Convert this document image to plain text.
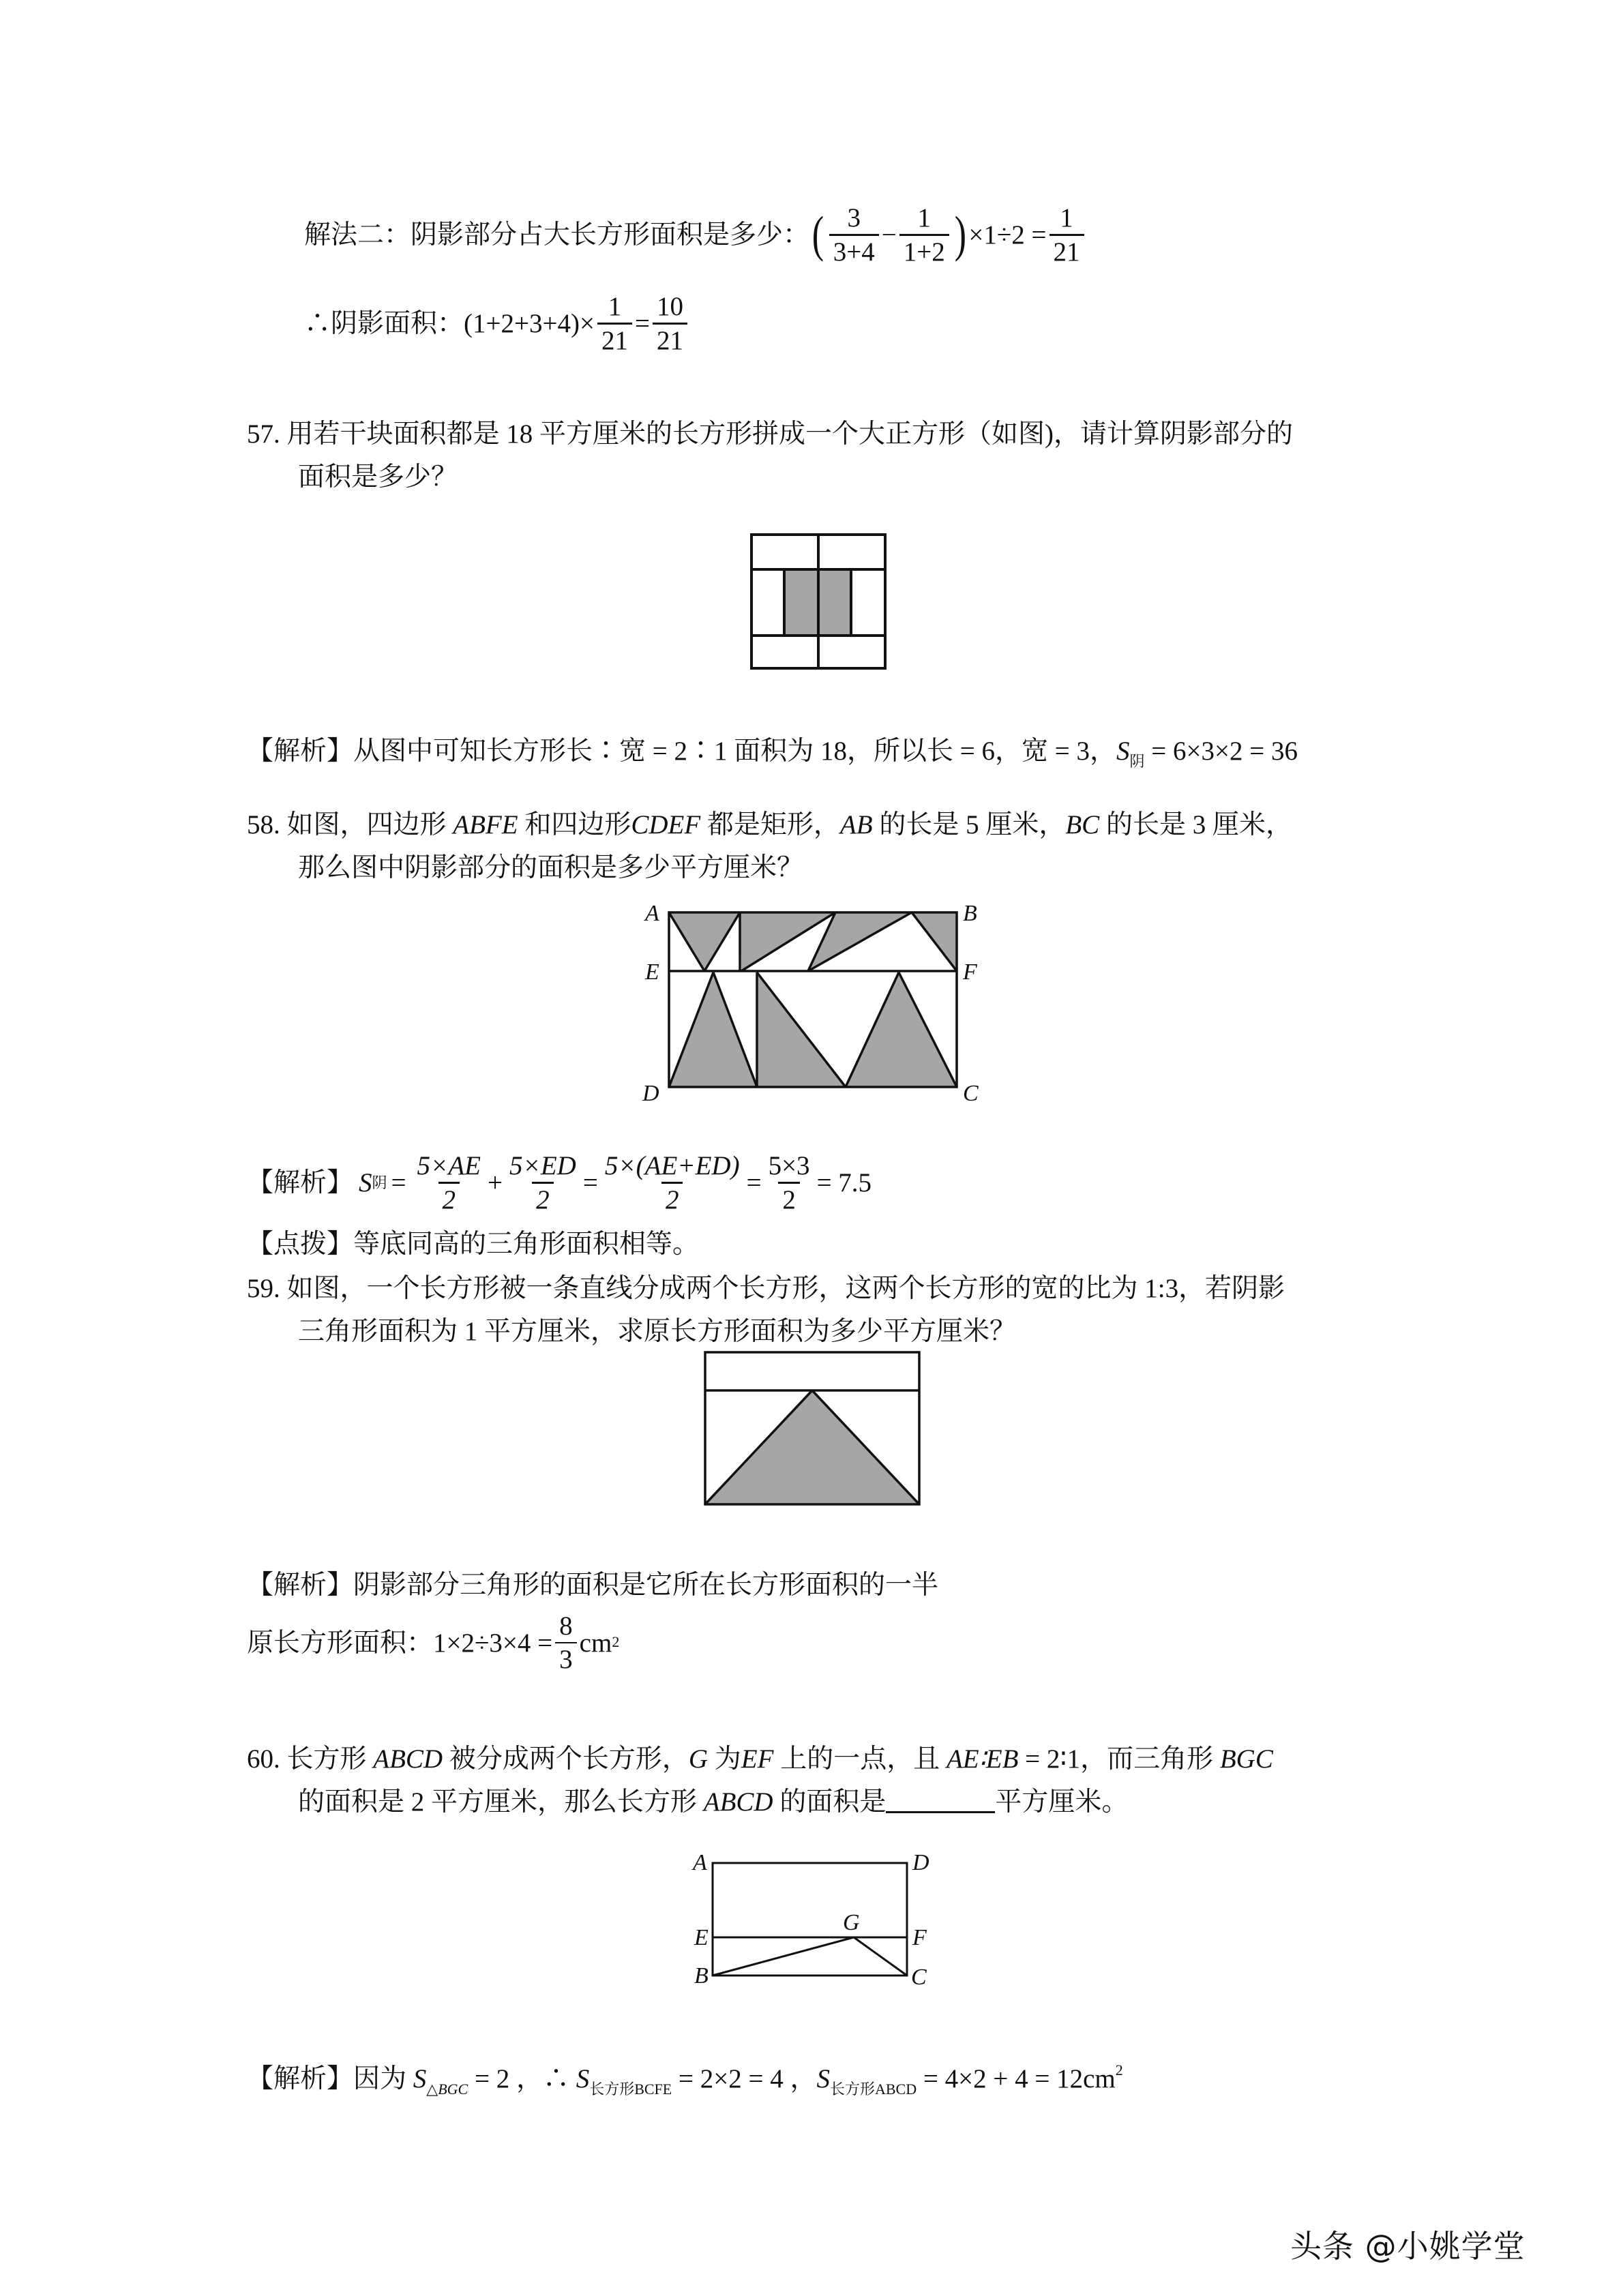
解法二：阴影部分占大长方形面积是多少： ( $\frac{3}{3+4} - \frac{1}{1+2}$ ) $\times 1\div 2 = \frac{1}{21}$
∴阴影面积： $(1+2+3+4)\times \frac{1}{21} = \frac{10}{21}$
57. 用若干块面积都是 18 平方厘米的长方形拼成一个大正方形（如图)，请计算阴影部分的
面积是多少？
【解析】从图中可知长方形长∶宽 = 2∶1 面积为 18，所以长 = 6，宽 = 3，$S_阴 = 6\times 3\times 2 = 36$
58. 如图，四边形 ABFE 和四边形CDEF 都是矩形，AB 的长是 5 厘米，BC 的长是 3 厘米，
那么图中阴影部分的面积是多少平方厘米？
A	B
E	F
D	C
【解析】 S 阴 = $\frac{5\times AE}{2} + \frac{5\times ED}{2} = \frac{5\times(AE+ED)}{2} = \frac{5\times 3}{2} = 7.5$
【点拨】等底同高的三角形面积相等。
59. 如图，一个长方形被一条直线分成两个长方形，这两个长方形的宽的比为 1:3，若阴影
三角形面积为 1 平方厘米，求原长方形面积为多少平方厘米？
【解析】阴影部分三角形的面积是它所在长方形面积的一半
原长方形面积： $1\times 2\div 3\times 4 = \frac{8}{3}$ cm 2
60. 长方形 ABCD 被分成两个长方形，G 为EF 上的一点，且 AE∶EB = 2∶1，而三角形 BGC
的面积是 2 平方厘米，那么长方形 ABCD 的面积是	平方厘米。
A	D
E	F
G
B	C
【解析】因为 $S_{\triangle BGC} = 2$ ，∴ $S_{长方形BCFE} = 2\times 2 = 4$ ，$S_{长方形ABCD} = 4\times 2 + 4 = 12cm^2$
头条 @小姚学堂
